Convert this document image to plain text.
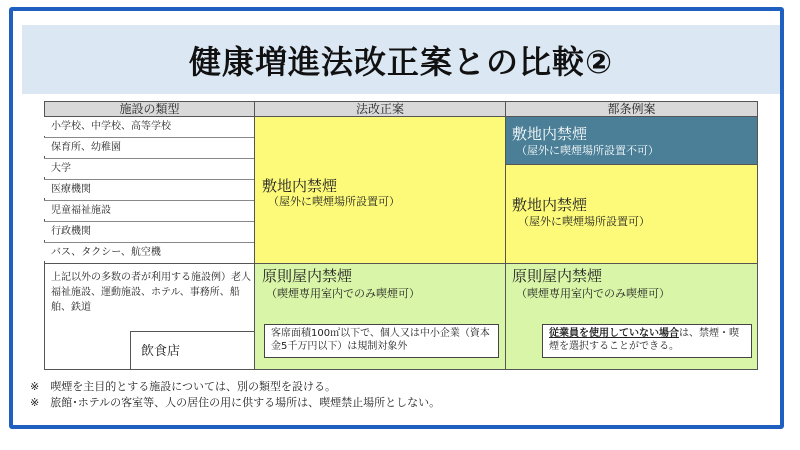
健康増進法改正案との比較②
施設の類型	法改正案	都条例案
小学校、中学校、高等学校
保育所、幼稚園
大学
医療機関
児童福祉施設
行政機関
バス、タクシー、航空機
敷地内禁煙
（屋外に喫煙場所設置可）
敷地内禁煙
（屋外に喫煙場所設置不可）
敷地内禁煙
（屋外に喫煙場所設置可）
上記以外の多数の者が利用する施設例）老人福祉施設、運動施設、ホテル、事務所、船舶、鉄道
飲食店
原則屋内禁煙
（喫煙専用室内でのみ喫煙可）
客席面積100㎡以下で、個人又は中小企業（資本金5千万円以下）は規制対象外
原則屋内禁煙
（喫煙専用室内でのみ喫煙可）
従業員を使用していない場合は、禁煙・喫煙を選択することができる。
※　喫煙を主目的とする施設については、別の類型を設ける。
※　旅館･ホテルの客室等、人の居住の用に供する場所は、喫煙禁止場所としない。
